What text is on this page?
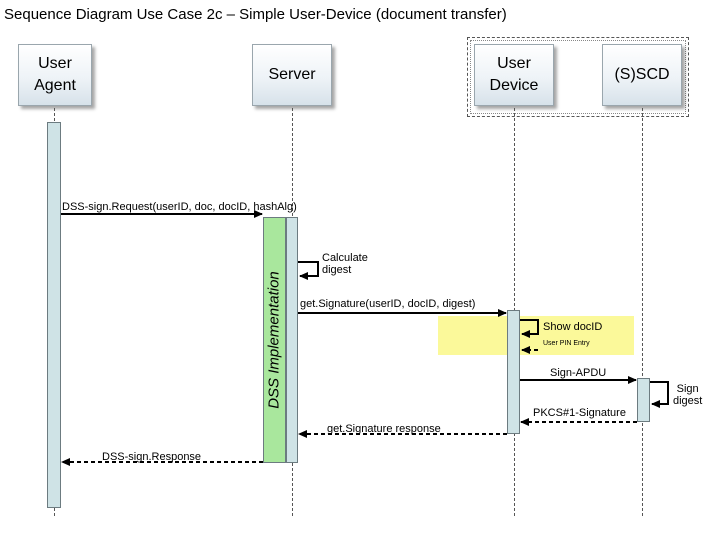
Sequence Diagram Use Case 2c – Simple User-Device (document transfer)
User
Agent
Server
User
Device
(S)SCD
DSS Implementation
DSS-sign.Request(userID, doc, docID, hashAlg)
Calculate
digest
get.Signature(userID, docID, digest)
Show docID
User PIN Entry
Sign-APDU
Sign
digest
PKCS#1-Signature
get.Signature response
DSS-sign.Response
